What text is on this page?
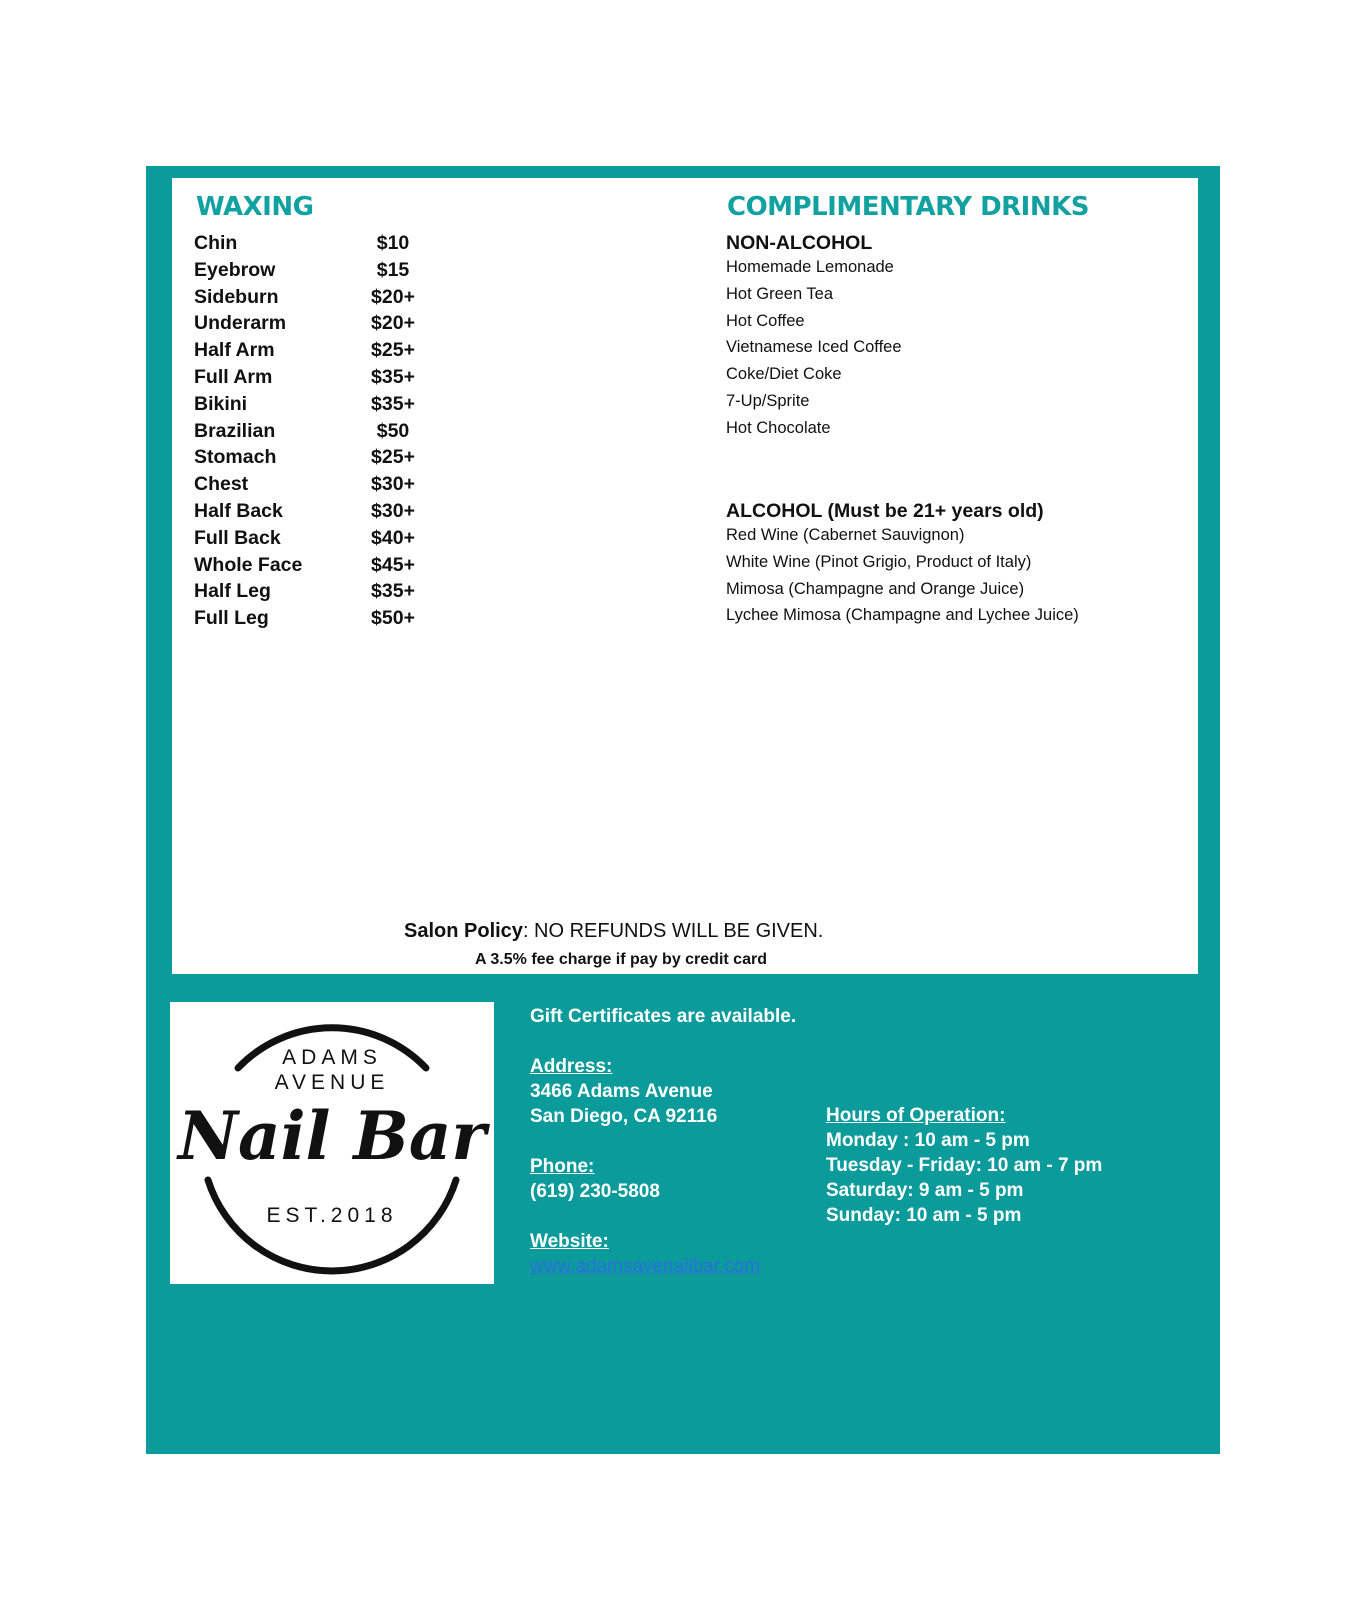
WAXING
Chin	$10
Eyebrow	$15
Sideburn	$20+
Underarm	$20+
Half Arm	$25+
Full Arm	$35+
Bikini	$35+
Brazilian	$50
Stomach	$25+
Chest	$30+
Half Back	$30+
Full Back	$40+
Whole Face	$45+
Half Leg	$35+
Full Leg	$50+
COMPLIMENTARY DRINKS
NON-ALCOHOL
Homemade Lemonade
Hot Green Tea
Hot Coffee
Vietnamese Iced Coffee
Coke/Diet Coke
7-Up/Sprite
Hot Chocolate
ALCOHOL (Must be 21+ years old)
Red Wine (Cabernet Sauvignon)
White Wine (Pinot Grigio, Product of Italy)
Mimosa (Champagne and Orange Juice)
Lychee Mimosa (Champagne and Lychee Juice)
Salon Policy: NO REFUNDS WILL BE GIVEN.
A 3.5% fee charge if pay by credit card
ADAMS
AVENUE
Nail Bar
EST.2018
Gift Certificates are available.
Address:
3466 Adams Avenue
San Diego, CA 92116
Phone:
(619) 230-5808
Website:
www.adamsavenailbar.com
Hours of Operation:
Monday : 10 am - 5 pm
Tuesday - Friday: 10 am - 7 pm
Saturday: 9 am - 5 pm
Sunday: 10 am - 5 pm
